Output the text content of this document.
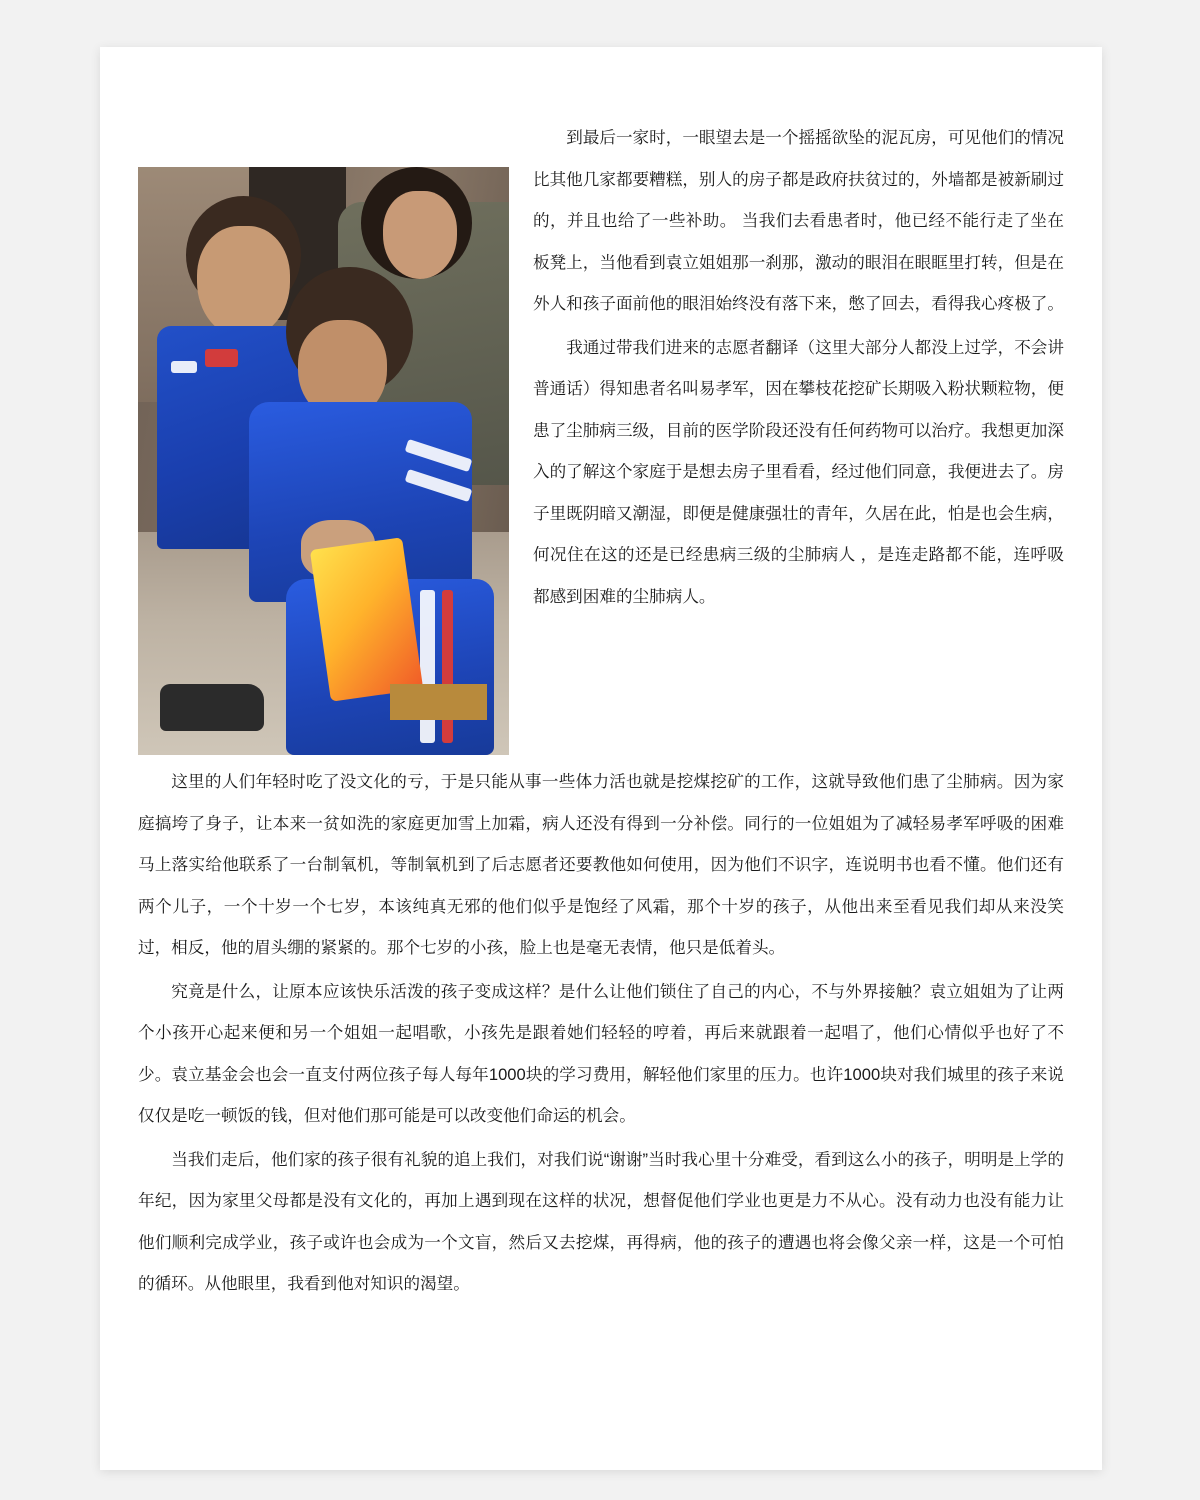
到最后一家时，一眼望去是一个摇摇欲坠的泥瓦房，可见他们的情况比其他几家都要糟糕，别人的房子都是政府扶贫过的，外墙都是被新刷过的，并且也给了一些补助。 当我们去看患者时，他已经不能行走了坐在板凳上，当他看到袁立姐姐那一刹那，激动的眼泪在眼眶里打转，但是在外人和孩子面前他的眼泪始终没有落下来，憋了回去，看得我心疼极了。

我通过带我们进来的志愿者翻译（这里大部分人都没上过学，不会讲普通话）得知患者名叫易孝军，因在攀枝花挖矿长期吸入粉状颗粒物，便患了尘肺病三级，目前的医学阶段还没有任何药物可以治疗。我想更加深入的了解这个家庭于是想去房子里看看，经过他们同意，我便进去了。房子里既阴暗又潮湿，即便是健康强壮的青年，久居在此，怕是也会生病，何况住在这的还是已经患病三级的尘肺病人 ，是连走路都不能，连呼吸都感到困难的尘肺病人。

这里的人们年轻时吃了没文化的亏，于是只能从事一些体力活也就是挖煤挖矿的工作，这就导致他们患了尘肺病。因为家庭搞垮了身子，让本来一贫如洗的家庭更加雪上加霜，病人还没有得到一分补偿。同行的一位姐姐为了减轻易孝军呼吸的困难马上落实给他联系了一台制氧机，等制氧机到了后志愿者还要教他如何使用，因为他们不识字，连说明书也看不懂。他们还有两个儿子，一个十岁一个七岁，本该纯真无邪的他们似乎是饱经了风霜，那个十岁的孩子，从他出来至看见我们却从来没笑过，相反，他的眉头绷的紧紧的。那个七岁的小孩，脸上也是毫无表情，他只是低着头。

究竟是什么，让原本应该快乐活泼的孩子变成这样？是什么让他们锁住了自己的内心，不与外界接触？袁立姐姐为了让两个小孩开心起来便和另一个姐姐一起唱歌，小孩先是跟着她们轻轻的哼着，再后来就跟着一起唱了，他们心情似乎也好了不少。袁立基金会也会一直支付两位孩子每人每年1000块的学习费用，解轻他们家里的压力。也许1000块对我们城里的孩子来说仅仅是吃一顿饭的钱，但对他们那可能是可以改变他们命运的机会。

当我们走后，他们家的孩子很有礼貌的追上我们，对我们说“谢谢”当时我心里十分难受，看到这么小的孩子，明明是上学的年纪，因为家里父母都是没有文化的，再加上遇到现在这样的状况，想督促他们学业也更是力不从心。没有动力也没有能力让他们顺利完成学业，孩子或许也会成为一个文盲，然后又去挖煤，再得病，他的孩子的遭遇也将会像父亲一样，这是一个可怕的循环。从他眼里，我看到他对知识的渴望。
